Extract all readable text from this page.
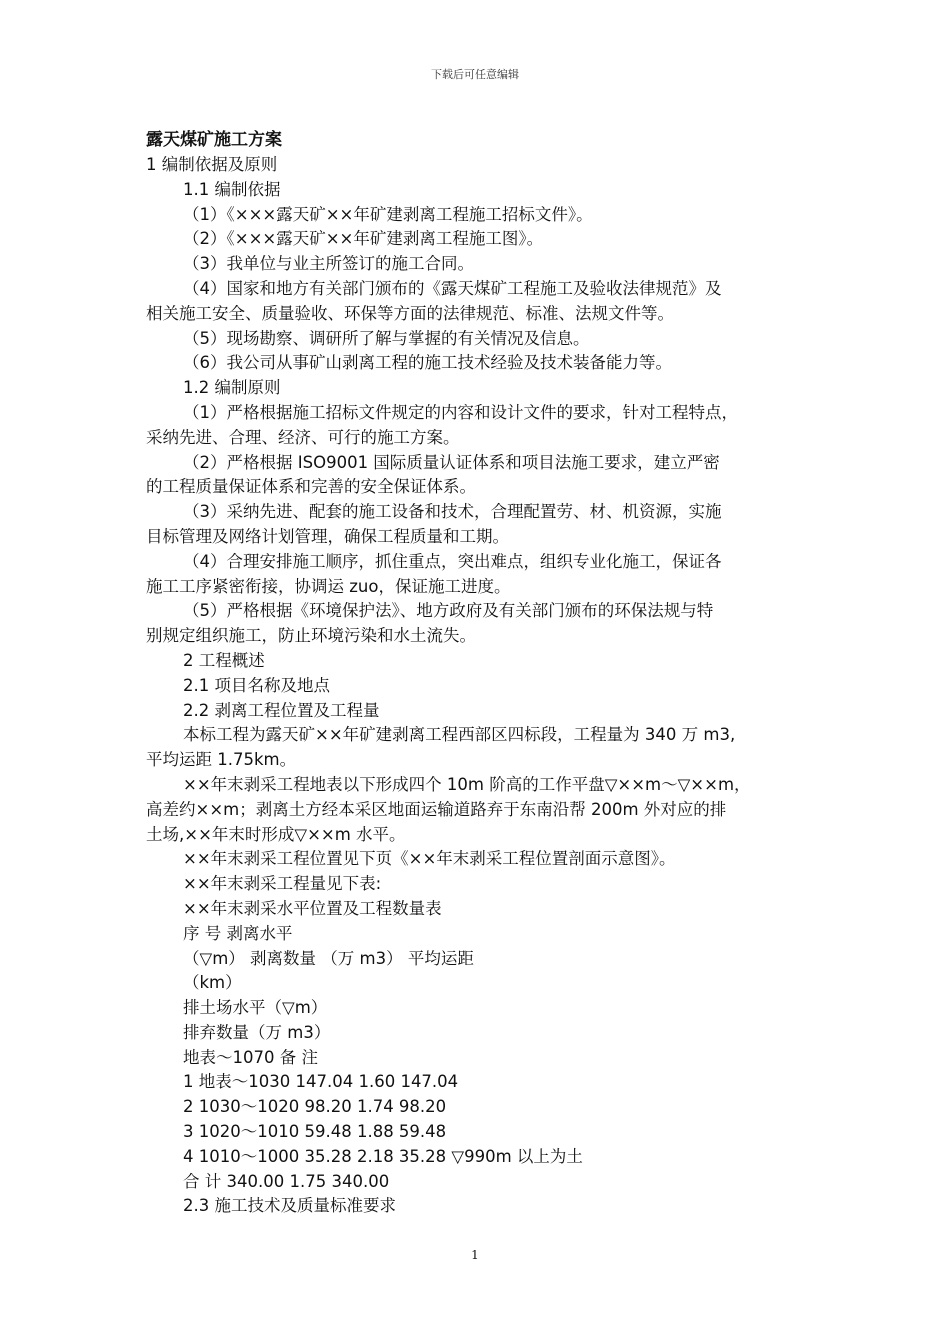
下载后可任意编辑
露天煤矿施工方案

1 编制依据及原则

1.1 编制依据

（1）《×××露天矿××年矿建剥离工程施工招标文件》。

（2）《×××露天矿××年矿建剥离工程施工图》。

（3）我单位与业主所签订的施工合同。

（4）国家和地方有关部门颁布的《露天煤矿工程施工及验收法律规范》及

相关施工安全、质量验收、环保等方面的法律规范、标准、法规文件等。

（5）现场勘察、调研所了解与掌握的有关情况及信息。

（6）我公司从事矿山剥离工程的施工技术经验及技术装备能力等。

1.2 编制原则

（1）严格根据施工招标文件规定的内容和设计文件的要求，针对工程特点，

采纳先进、合理、经济、可行的施工方案。

（2）严格根据 ISO9001 国际质量认证体系和项目法施工要求，建立严密

的工程质量保证体系和完善的安全保证体系。

（3）采纳先进、配套的施工设备和技术，合理配置劳、材、机资源，实施

目标管理及网络计划管理，确保工程质量和工期。

（4）合理安排施工顺序，抓住重点，突出难点，组织专业化施工，保证各

施工工序紧密衔接，协调运 zuo，保证施工进度。

（5）严格根据《环境保护法》、地方政府及有关部门颁布的环保法规与特

别规定组织施工，防止环境污染和水土流失。

2 工程概述

2.1 项目名称及地点

2.2 剥离工程位置及工程量

本标工程为露天矿××年矿建剥离工程西部区四标段，工程量为 340 万 m3,

平均运距 1.75km。

××年末剥采工程地表以下形成四个 10m 阶高的工作平盘▽××m～▽××m，

高差约××m；剥离土方经本采区地面运输道路弃于东南沿帮 200m 外对应的排

土场,××年末时形成▽××m 水平。

××年末剥采工程位置见下页《××年末剥采工程位置剖面示意图》。

××年末剥采工程量见下表:

××年末剥采水平位置及工程数量表

序 号 剥离水平

（▽m） 剥离数量 （万 m3） 平均运距

（km）

排土场水平（▽m）

排弃数量（万 m3）

地表～1070 备 注

1 地表～1030 147.04 1.60 147.04

2 1030～1020 98.20 1.74 98.20

3 1020～1010 59.48 1.88 59.48

4 1010～1000 35.28 2.18 35.28 ▽990m 以上为土

合 计 340.00 1.75 340.00

2.3 施工技术及质量标准要求

1
